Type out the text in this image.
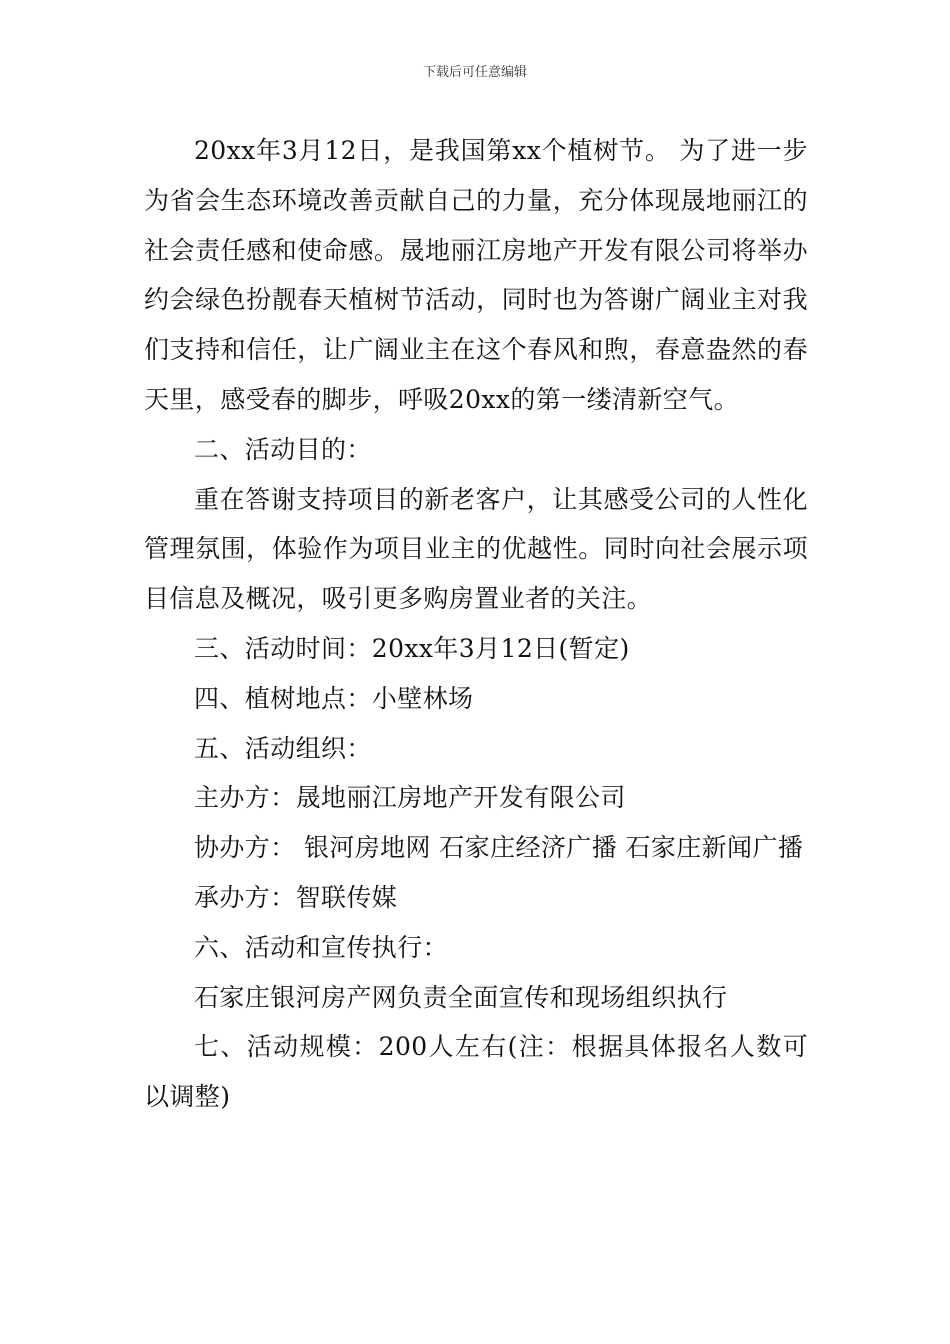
下载后可任意编辑

20xx年3月12日，是我国第xx个植树节。 为了进一步为省会生态环境改善贡献自己的力量，充分体现晟地丽江的社会责任感和使命感。晟地丽江房地产开发有限公司将举办约会绿色扮靓春天植树节活动，同时也为答谢广阔业主对我们支持和信任，让广阔业主在这个春风和煦，春意盎然的春天里，感受春的脚步，呼吸20xx的第一缕清新空气。

二、活动目的：

重在答谢支持项目的新老客户，让其感受公司的人性化管理氛围，体验作为项目业主的优越性。同时向社会展示项目信息及概况，吸引更多购房置业者的关注。

三、活动时间：20xx年3月12日(暂定)

四、植树地点：小壁林场

五、活动组织：

主办方：晟地丽江房地产开发有限公司

协办方： 银河房地网 石家庄经济广播 石家庄新闻广播

承办方：智联传媒

六、活动和宣传执行：

石家庄银河房产网负责全面宣传和现场组织执行

七、活动规模：200人左右(注：根据具体报名人数可以调整)
